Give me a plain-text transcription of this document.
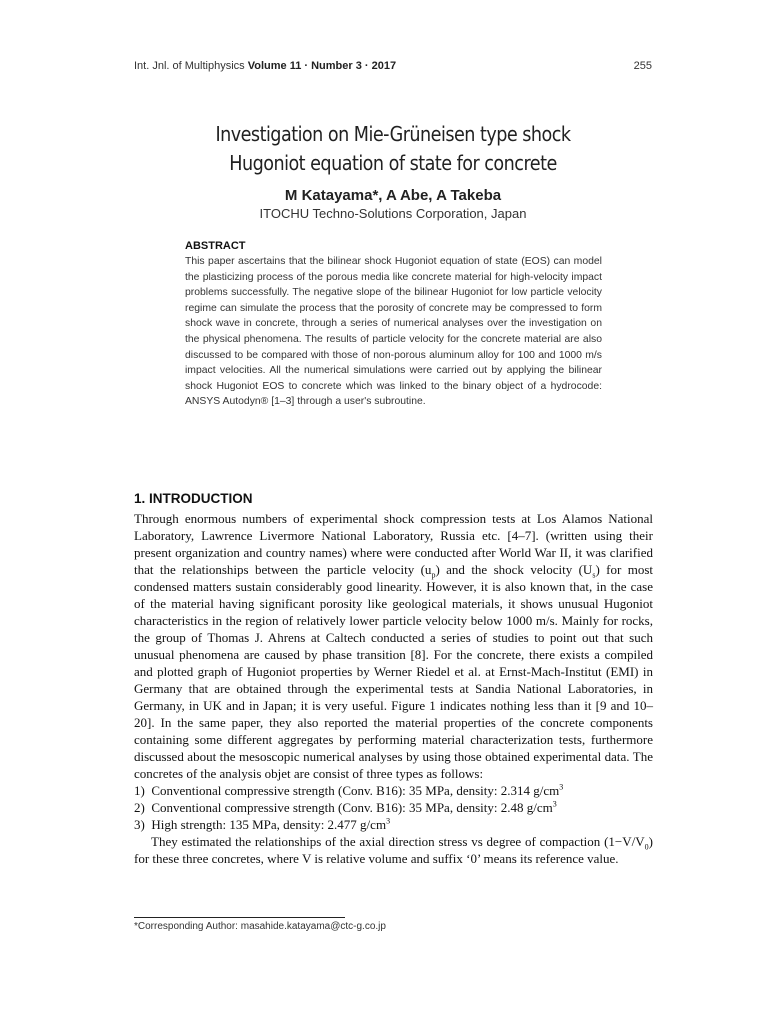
Int. Jnl. of Multiphysics Volume 11 · Number 3 · 2017	255
Investigation on Mie-Grüneisen type shock
Hugoniot equation of state for concrete
M Katayama*, A Abe, A Takeba
ITOCHU Techno-Solutions Corporation, Japan
ABSTRACT
This paper ascertains that the bilinear shock Hugoniot equation of state (EOS) can model the plasticizing process of the porous media like concrete material for high-velocity impact problems successfully. The negative slope of the bilinear Hugoniot for low particle velocity regime can simulate the process that the porosity of concrete may be compressed to form shock wave in concrete, through a series of numerical analyses over the investigation on the physical phenomena. The results of particle velocity for the concrete material are also discussed to be compared with those of non-porous aluminum alloy for 100 and 1000 m/s impact velocities. All the numerical simulations were carried out by applying the bilinear shock Hugoniot EOS to concrete which was linked to the binary object of a hydrocode: ANSYS Autodyn® [1–3] through a user's subroutine.
1. INTRODUCTION

Through enormous numbers of experimental shock compression tests at Los Alamos National Laboratory, Lawrence Livermore National Laboratory, Russia etc. [4–7]. (written using their present organization and country names) where were conducted after World War II, it was clarified that the relationships between the particle velocity $(u_p)$ and the shock velocity $(U_s)$ for most condensed matters sustain considerably good linearity. However, it is also known that, in the case of the material having significant porosity like geological materials, it shows unusual Hugoniot characteristics in the region of relatively lower particle velocity below 1000 m/s. Mainly for rocks, the group of Thomas J. Ahrens at Caltech conducted a series of studies to point out that such unusual phenomena are caused by phase transition [8]. For the concrete, there exists a compiled and plotted graph of Hugoniot properties by Werner Riedel et al. at Ernst-Mach-Institut (EMI) in Germany that are obtained through the experimental tests at Sandia National Laboratories, in Germany, in UK and in Japan; it is very useful. Figure 1 indicates nothing less than it [9 and 10–20]. In the same paper, they also reported the material properties of the concrete components containing some different aggregates by performing material characterization tests, furthermore discussed about the mesoscopic numerical analyses by using those obtained experimental data. The concretes of the analysis objet are consist of three types as follows:

1) Conventional compressive strength (Conv. B16): 35 MPa, density: 2.314 $g/cm^3$

2) Conventional compressive strength (Conv. B16): 35 MPa, density: 2.48 $g/cm^3$

3) High strength: 135 MPa, density: 2.477 $g/cm^3$

They estimated the relationships of the axial direction stress vs degree of compaction $(1-V/V_0)$ for these three concretes, where V is relative volume and suffix ‘0’ means its reference value.

*Corresponding Author: masahide.katayama@ctc-g.co.jp
